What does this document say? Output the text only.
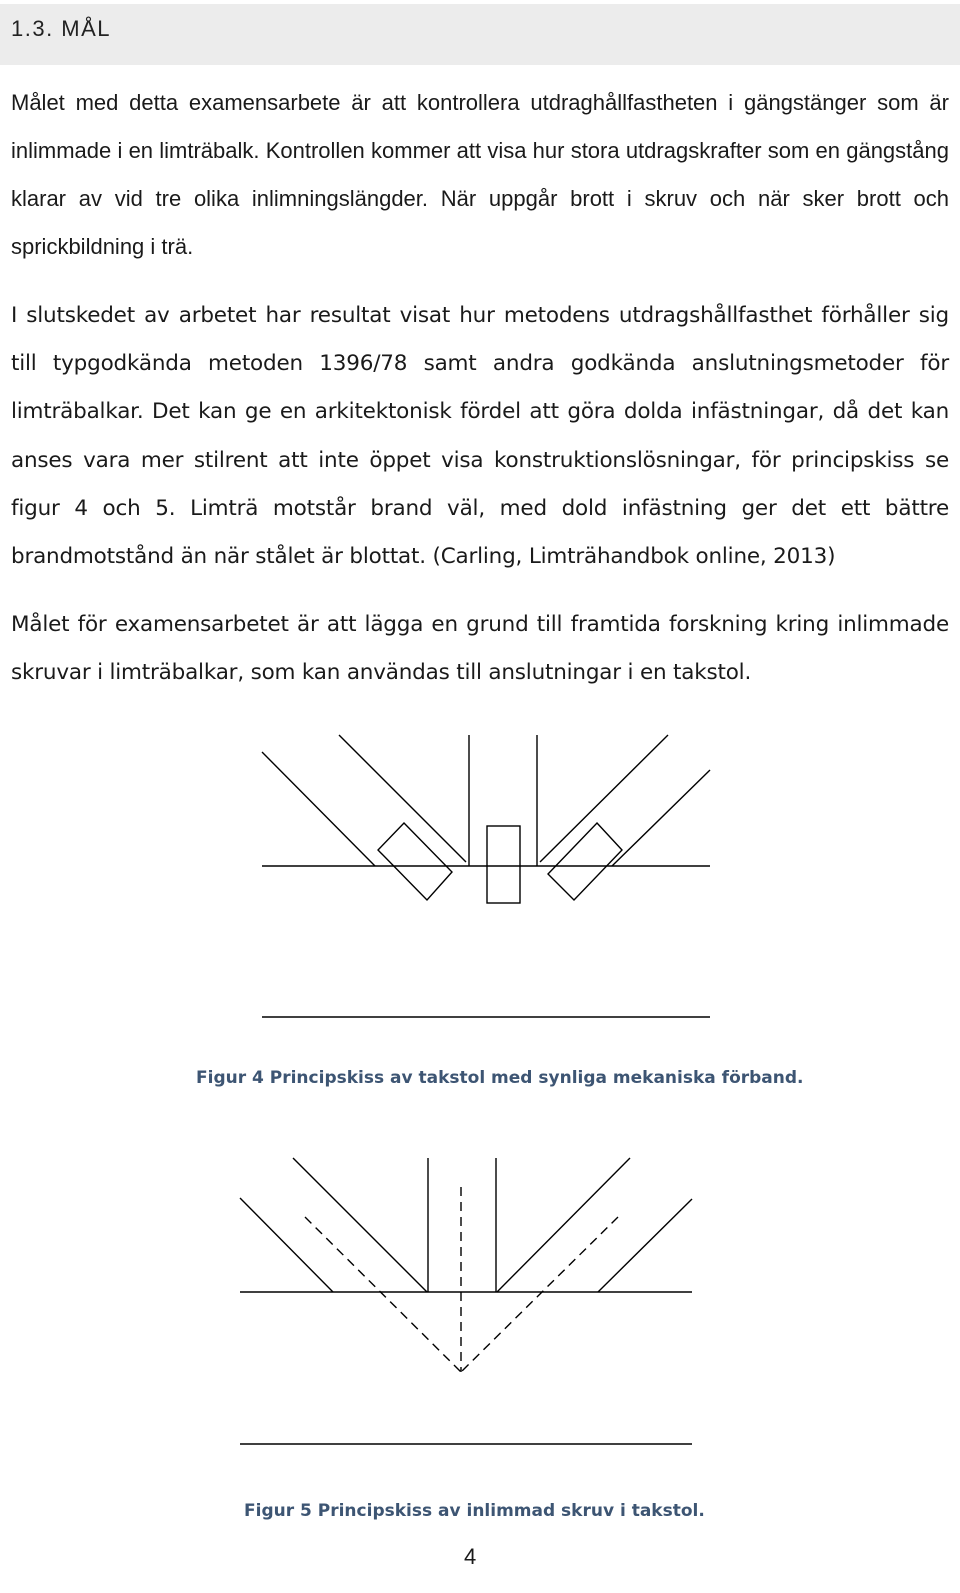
1.3. MÅL

Målet med detta examensarbete är att kontrollera utdraghållfastheten i gängstänger som är inlimmade i en limträbalk. Kontrollen kommer att visa hur stora utdragskrafter som en gängstång klarar av vid tre olika inlimningslängder. När uppgår brott i skruv och när sker brott och sprickbildning i trä.

I slutskedet av arbetet har resultat visat hur metodens utdragshållfasthet förhåller sig till typgodkända metoden 1396/78 samt andra godkända anslutningsmetoder för limträbalkar. Det kan ge en arkitektonisk fördel att göra dolda infästningar, då det kan anses vara mer stilrent att inte öppet visa konstruktionslösningar, för principskiss se figur 4 och 5. Limträ motstår brand väl, med dold infästning ger det ett bättre brandmotstånd än när stålet är blottat. (Carling, Limträhandbok online, 2013)

Målet för examensarbetet är att lägga en grund till framtida forskning kring inlimmade skruvar i limträbalkar, som kan användas till anslutningar i en takstol.

Figur 4 Principskiss av takstol med synliga mekaniska förband.
Figur 5 Principskiss av inlimmad skruv i takstol.
4
